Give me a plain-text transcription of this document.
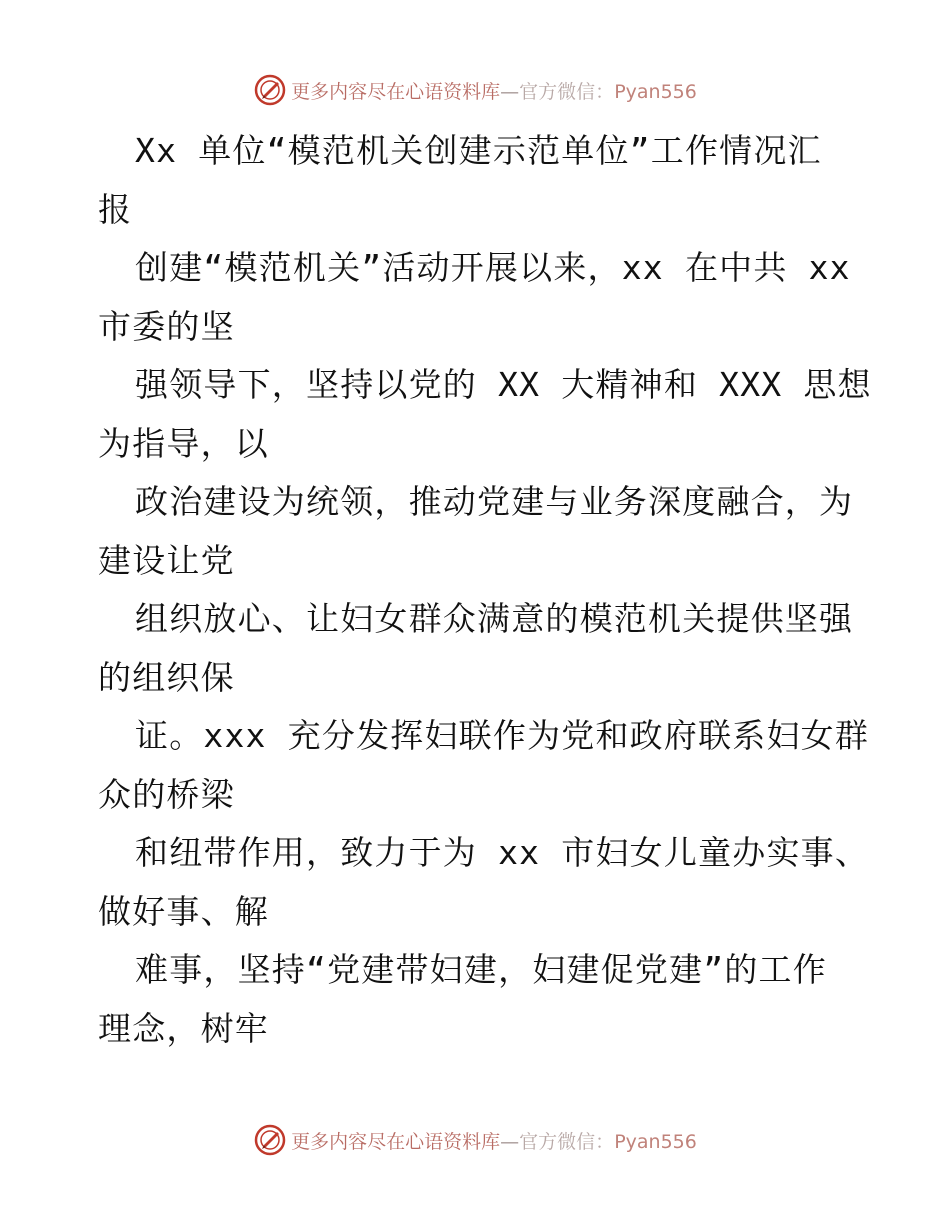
更多内容尽在心语资料库—官方微信：Pyan556
Xx 单位“模范机关创建示范单位”工作情况汇
报
创建“模范机关”活动开展以来，xx 在中共 xx
市委的坚
强领导下，坚持以党的 XX 大精神和 XXX 思想
为指导，以
政治建设为统领，推动党建与业务深度融合，为
建设让党
组织放心、让妇女群众满意的模范机关提供坚强
的组织保
证。xxx 充分发挥妇联作为党和政府联系妇女群
众的桥梁
和纽带作用，致力于为 xx 市妇女儿童办实事、
做好事、解
难事，坚持“党建带妇建，妇建促党建”的工作
理念，树牢
更多内容尽在心语资料库—官方微信：Pyan556
